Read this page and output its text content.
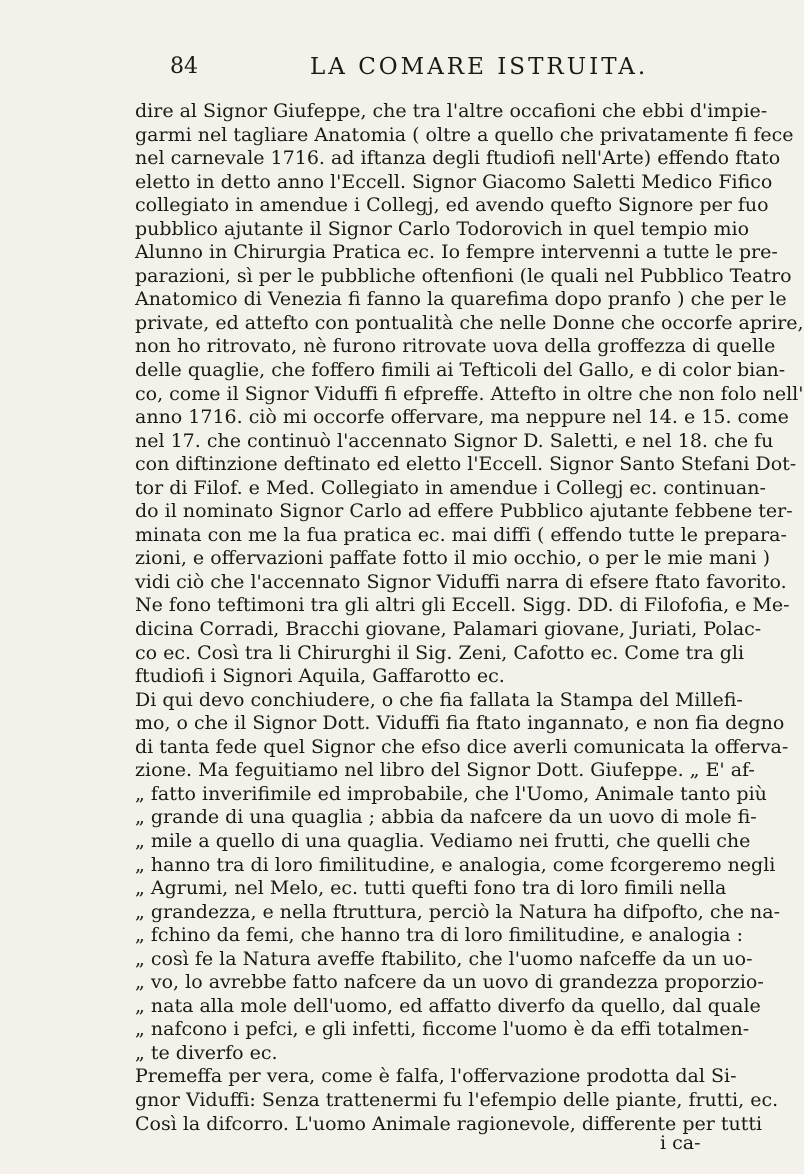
84	LA COMARE ISTRUITA.
dire al Signor Giufeppe, che tra l'altre occafioni che ebbi d'impie-
garmi nel tagliare Anatomia ( oltre a quello che privatamente fi fece
nel carnevale 1716. ad iftanza degli ftudiofi nell'Arte) effendo ftato
eletto in detto anno l'Eccell. Signor Giacomo Saletti Medico Fifico
collegiato in amendue i Collegj, ed avendo quefto Signore per fuo
pubblico ajutante il Signor Carlo Todorovich in quel tempio mio
Alunno in Chirurgia Pratica ec. Io fempre intervenni a tutte le pre-
parazioni, sì per le pubbliche oftenfioni (le quali nel Pubblico Teatro
Anatomico di Venezia fi fanno la quarefima dopo pranfo ) che per le
private, ed attefto con pontualità che nelle Donne che occorfe aprire,
non ho ritrovato, nè furono ritrovate uova della groffezza di quelle
delle quaglie, che foffero fimili ai Tefticoli del Gallo, e di color bian-
co, come il Signor Viduffi fi efpreffe. Attefto in oltre che non folo nell'
anno 1716. ciò mi occorfe offervare, ma neppure nel 14. e 15. come
nel 17. che continuò l'accennato Signor D. Saletti, e nel 18. che fu
con diftinzione deftinato ed eletto l'Eccell. Signor Santo Stefani Dot-
tor di Filof. e Med. Collegiato in amendue i Collegj ec. continuan-
do il nominato Signor Carlo ad effere Pubblico ajutante febbene ter-
minata con me la fua pratica ec. mai diffi ( effendo tutte le prepara-
zioni, e offervazioni paffate fotto il mio occhio, o per le mie mani )
vidi ciò che l'accennato Signor Viduffi narra di efsere ftato favorito.
Ne fono teftimoni tra gli altri gli Eccell. Sigg. DD. di Filofofia, e Me-
dicina Corradi, Bracchi giovane, Palamari giovane, Juriati, Polac-
co ec. Così tra li Chirurghi il Sig. Zeni, Cafotto ec. Come tra gli
ftudiofi i Signori Aquila, Gaffarotto ec.
Di qui devo conchiudere, o che fia fallata la Stampa del Millefi-
mo, o che il Signor Dott. Viduffi fia ftato ingannato, e non fia degno
di tanta fede quel Signor che efso dice averli comunicata la offerva-
zione. Ma feguitiamo nel libro del Signor Dott. Giufeppe. „ E' af-
„ fatto inverifimile ed improbabile, che l'Uomo, Animale tanto più
„ grande di una quaglia ; abbia da nafcere da un uovo di mole fi-
„ mile a quello di una quaglia. Vediamo nei frutti, che quelli che
„ hanno tra di loro fimilitudine, e analogia, come fcorgeremo negli
„ Agrumi, nel Melo, ec. tutti quefti fono tra di loro fimili nella
„ grandezza, e nella ftruttura, perciò la Natura ha difpofto, che na-
„ fchino da femi, che hanno tra di loro fimilitudine, e analogia :
„ così fe la Natura aveffe ftabilito, che l'uomo nafceffe da un uo-
„ vo, lo avrebbe fatto nafcere da un uovo di grandezza proporzio-
„ nata alla mole dell'uomo, ed affatto diverfo da quello, dal quale
„ nafcono i pefci, e gli infetti, ficcome l'uomo è da effi totalmen-
„ te diverfo ec.
Premeffa per vera, come è falfa, l'offervazione prodotta dal Si-
gnor Viduffi: Senza trattenermi fu l'efempio delle piante, frutti, ec.
Così la difcorro. L'uomo Animale ragionevole, differente per tutti
i ca-
